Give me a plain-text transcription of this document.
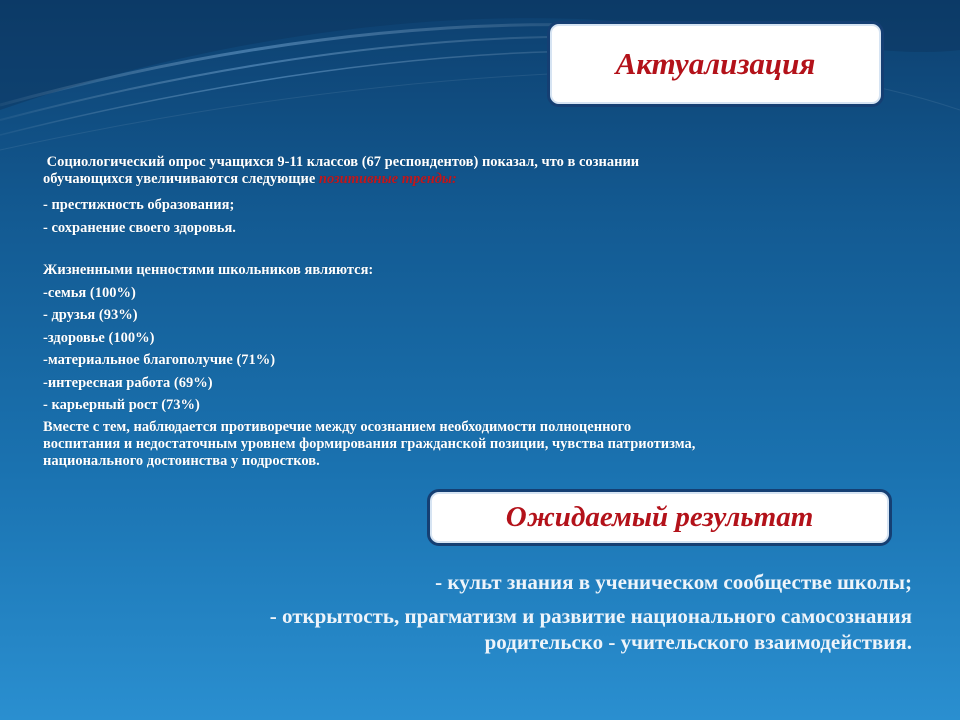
Актуализация
Социологический опрос учащихся 9-11 классов (67 респондентов) показал, что в сознании
обучающихся увеличиваются следующие позитивные тренды:
- престижность образования;
- сохранение своего здоровья.
Жизненными ценностями школьников являются:
-семья (100%)
- друзья (93%)
-здоровье (100%)
-материальное благополучие (71%)
-интересная работа (69%)
- карьерный рост (73%)
Вместе с тем, наблюдается противоречие между осознанием необходимости полноценного
воспитания и недостаточным уровнем формирования гражданской позиции, чувства патриотизма,
национального достоинства у подростков.
Ожидаемый результат
- культ знания в ученическом сообществе школы;
- открытость, прагматизм и развитие национального самосознания
родительско - учительского взаимодействия.
